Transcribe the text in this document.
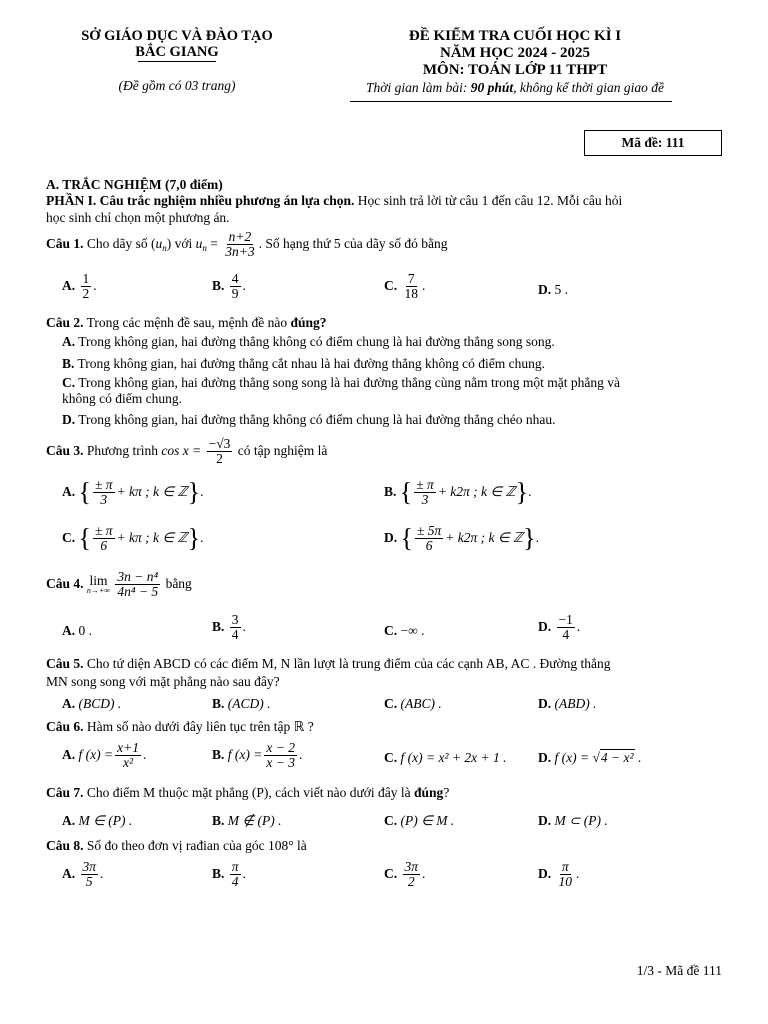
SỞ GIÁO DỤC VÀ ĐÀO TẠO
BẮC GIANG
(Đề gồm có 03 trang)
ĐỀ KIỂM TRA CUỐI HỌC KÌ I
NĂM HỌC 2024 - 2025
MÔN: TOÁN LỚP 11 THPT
Thời gian làm bài: 90 phút, không kể thời gian giao đề
Mã đề: 111
A. TRẮC NGHIỆM (7,0 điểm)
PHẦN I. Câu trắc nghiệm nhiều phương án lựa chọn. Học sinh trả lời từ câu 1 đến câu 12. Mỗi câu hỏi
học sinh chỉ chọn một phương án.
Câu 1. Cho dãy số $(u_n)$ với $u_n = \frac{n+2}{3n+3}$ . Số hạng thứ 5 của dãy số đó bằng
A. $\frac{1}{2}$ .	B. $\frac{4}{9}$ .	C. $\frac{7}{18}$ .	D. 5 .
Câu 2. Trong các mệnh đề sau, mệnh đề nào đúng?
A. Trong không gian, hai đường thẳng không có điểm chung là hai đường thẳng song song.
B. Trong không gian, hai đường thẳng cắt nhau là hai đường thẳng không có điểm chung.
C. Trong không gian, hai đường thẳng song song là hai đường thẳng cùng nằm trong một mặt phẳng và
không có điểm chung.
D. Trong không gian, hai đường thẳng không có điểm chung là hai đường thẳng chéo nhau.
Câu 3. Phương trình $\cos x = \frac{-√3}{2}$ có tập nghiệm là
A. { $\frac{\pm \pi}{3} + k\pi$ ; k ∈ ℤ}.	B. { $\frac{\pm \pi}{3} + k2\pi$ ; k ∈ ℤ}.
C. { $\frac{\pm \pi}{6} + k\pi$ ; k ∈ ℤ}.	D. { $\frac{\pm 5\pi}{6} + k2\pi$ ; k ∈ ℤ}.
Câu 4. lim
n→+∞
$\frac{\text{3n − n⁴}}{\text{4n⁴ − 5}}$ bằng
A. 0 .	B. $\frac{3}{4}$ .	C. −∞ .	D. $\frac{-1}{4}$ .
Câu 5. Cho tứ diện ABCD có các điểm M, N lần lượt là trung điểm của các cạnh AB, AC . Đường thẳng
MN song song với mặt phẳng nào sau đây?
A. (BCD) .	B. (ACD) .	C. (ABC) .	D. (ABD) .
Câu 6. Hàm số nào dưới đây liên tục trên tập ℝ ?
A. f $(x) = \frac{x+1}{\text{x²}}$ .	B. f $(x) = \frac{x - 2}{x - 3}$ .	C. f (x) = x² + 2x + 1 . D. f (x) = √4 − x² .
Câu 7. Cho điểm M thuộc mặt phẳng (P), cách viết nào dưới đây là đúng?
A. M ∈ (P) .	B. M ∉ (P) .	C. (P) ∈ M .	D. M ⊂ (P) .
Câu 8. Số đo theo đơn vị rađian của góc 108° là
A. $\frac{3\pi}{5}$ .	B. $\frac{\pi}{4}$ .	C. $\frac{3\pi}{2}$ .	D. $\frac{\pi}{10}$ .
1/3 - Mã đề 111
